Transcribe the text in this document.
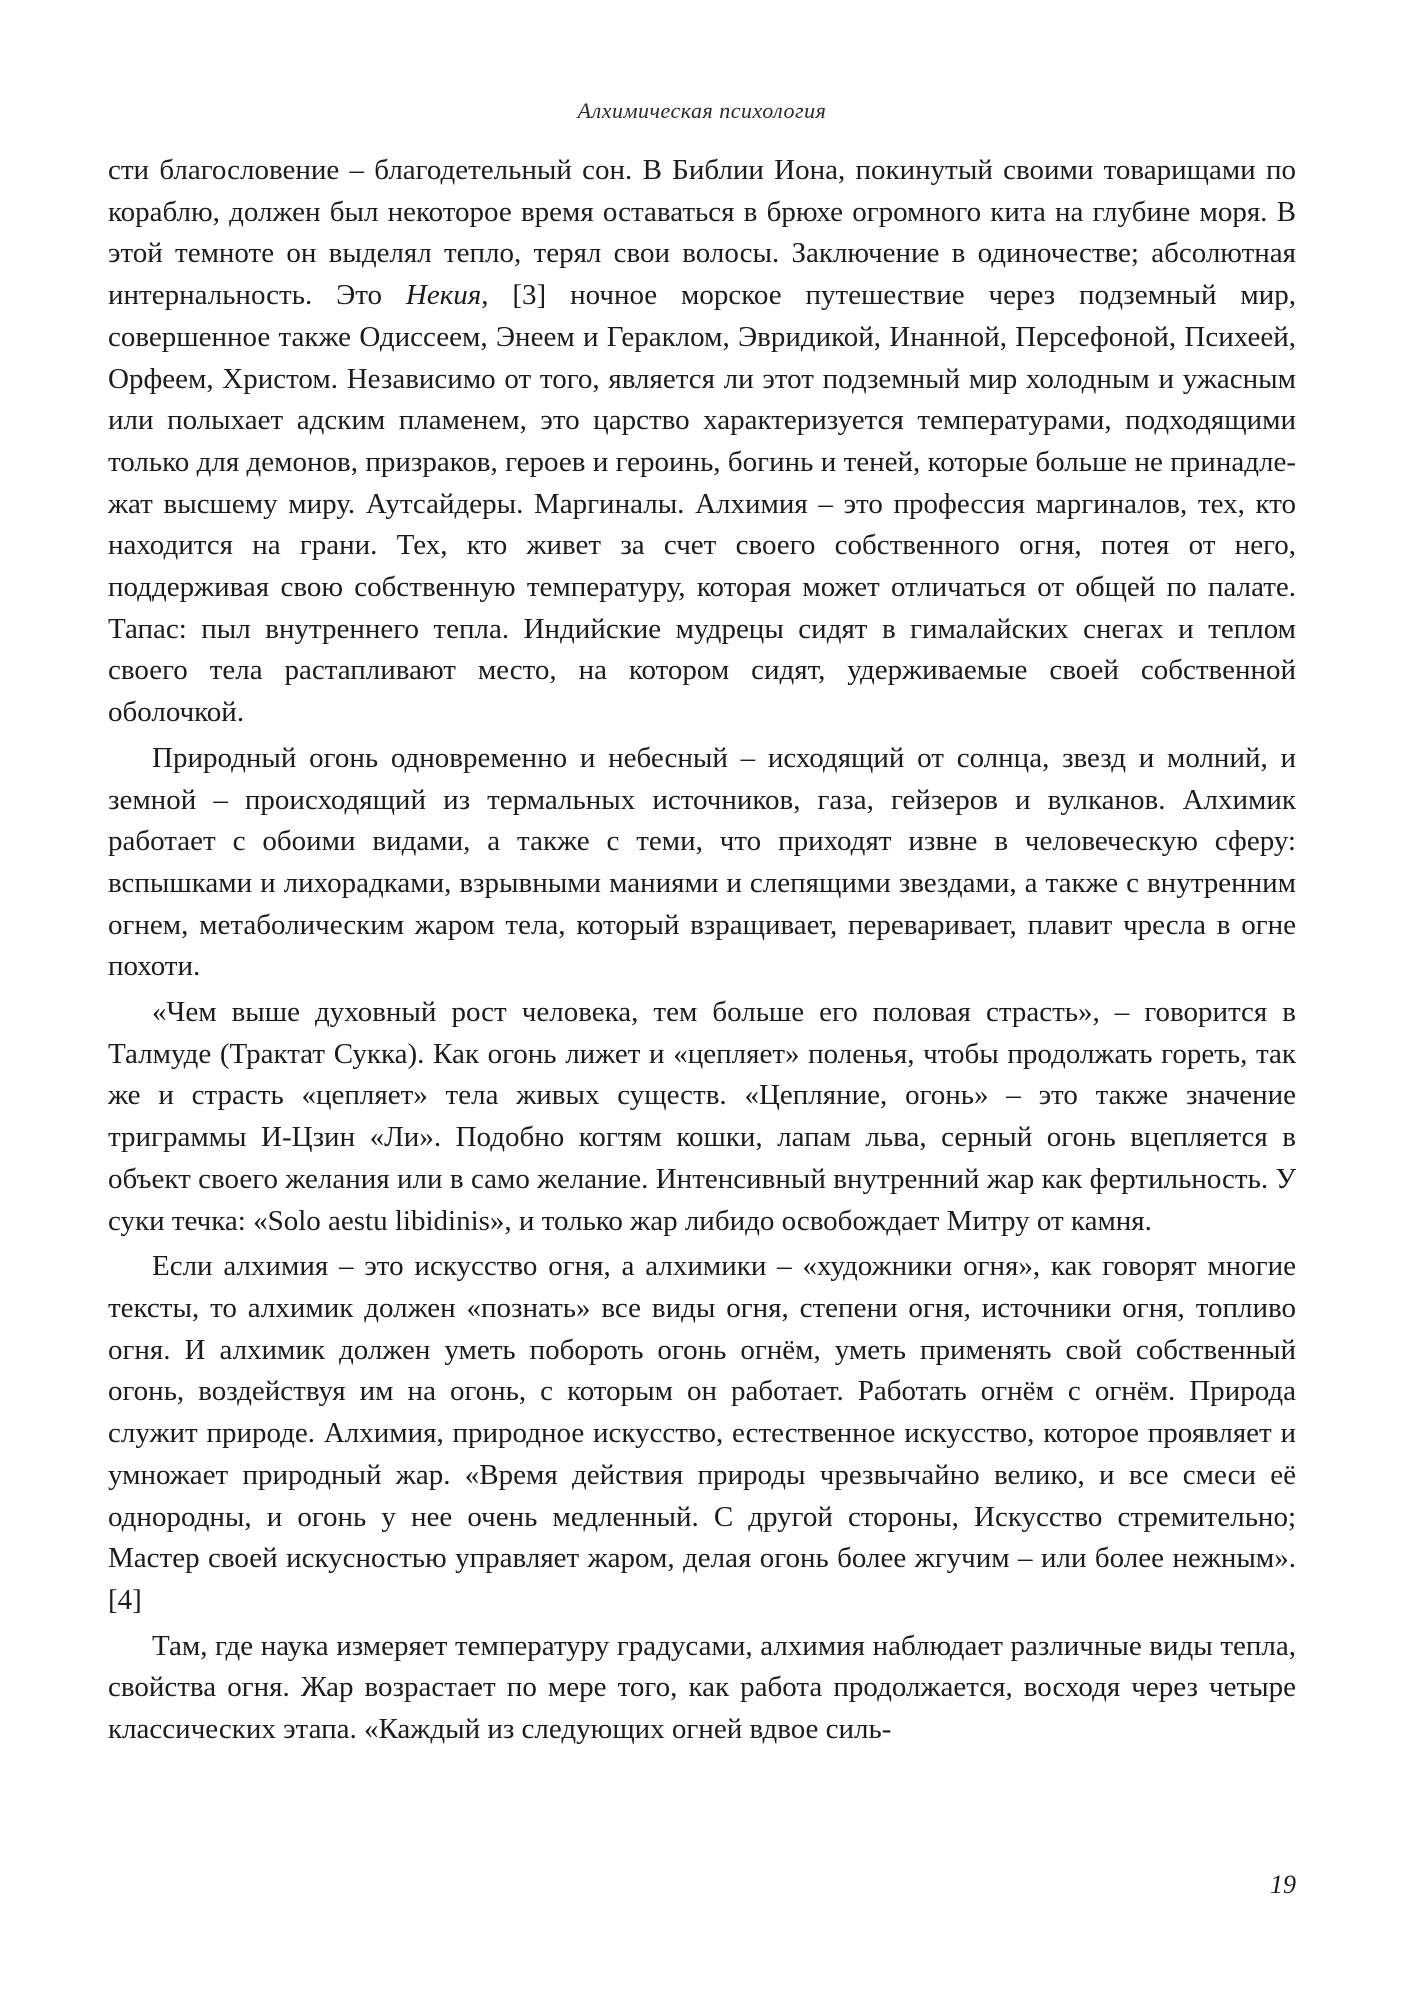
Алхимическая психология

сти благословение – благодетельный сон. В Библии Иона, покинутый своими товарищами по кораблю, должен был некоторое время оставаться в брюхе огромного кита на глубине моря. В этой темноте он выделял тепло, терял свои волосы. Заключение в одиночестве; абсолютная интернальность. Это Некия, [3] ночное морское путешествие через подземный мир, совершенное также Одиссеем, Энеем и Гераклом, Эвридикой, Инанной, Персефоной, Психеей, Орфеем, Христом. Независимо от того, является ли этот подземный мир холодным и ужасным или полыхает адским пламенем, это царство характеризуется температурами, подходящими только для демонов, призраков, героев и героинь, богинь и теней, которые больше не принадлежат высшему миру. Аутсайдеры. Маргиналы. Алхимия – это профессия маргиналов, тех, кто находится на грани. Тех, кто живет за счет своего собственного огня, потея от него, поддерживая свою собственную температуру, которая может отличаться от общей по палате. Тапас: пыл внутреннего тепла. Индийские мудрецы сидят в гималайских снегах и теплом своего тела растапливают место, на котором сидят, удерживаемые своей собственной оболочкой.

Природный огонь одновременно и небесный – исходящий от солнца, звезд и молний, и земной – происходящий из термальных источников, газа, гейзеров и вулканов. Алхимик работает с обоими видами, а также с теми, что приходят извне в человеческую сферу: вспышками и лихорадками, взрывными маниями и слепящими звездами, а также с внутренним огнем, метаболическим жаром тела, который взращивает, переваривает, плавит чресла в огне похоти.

«Чем выше духовный рост человека, тем больше его половая страсть», – говорится в Талмуде (Трактат Сукка). Как огонь лижет и «цепляет» поленья, чтобы продолжать гореть, так же и страсть «цепляет» тела живых существ. «Цепляние, огонь» – это также значение триграммы И-Цзин «Ли». Подобно когтям кошки, лапам льва, серный огонь вцепляется в объект своего желания или в само желание. Интенсивный внутренний жар как фертильность. У суки течка: «Solo aestu libidinis», и только жар либидо освобождает Митру от камня.

Если алхимия – это искусство огня, а алхимики – «художники огня», как говорят многие тексты, то алхимик должен «познать» все виды огня, степени огня, источники огня, топливо огня. И алхимик должен уметь побороть огонь огнём, уметь применять свой собственный огонь, воздействуя им на огонь, с которым он работает. Работать огнём с огнём. Природа служит природе. Алхимия, природное искусство, естественное искусство, которое проявляет и умножает природный жар. «Время действия природы чрезвычайно велико, и все смеси её однородны, и огонь у нее очень медленный. С другой стороны, Искусство стремительно; Мастер своей искусностью управляет жаром, делая огонь более жгучим – или более нежным». [4]

Там, где наука измеряет температуру градусами, алхимия наблюдает различные виды тепла, свойства огня. Жар возрастает по мере того, как работа продолжается, восходя через четыре классических этапа. «Каждый из следующих огней вдвое силь-

19
